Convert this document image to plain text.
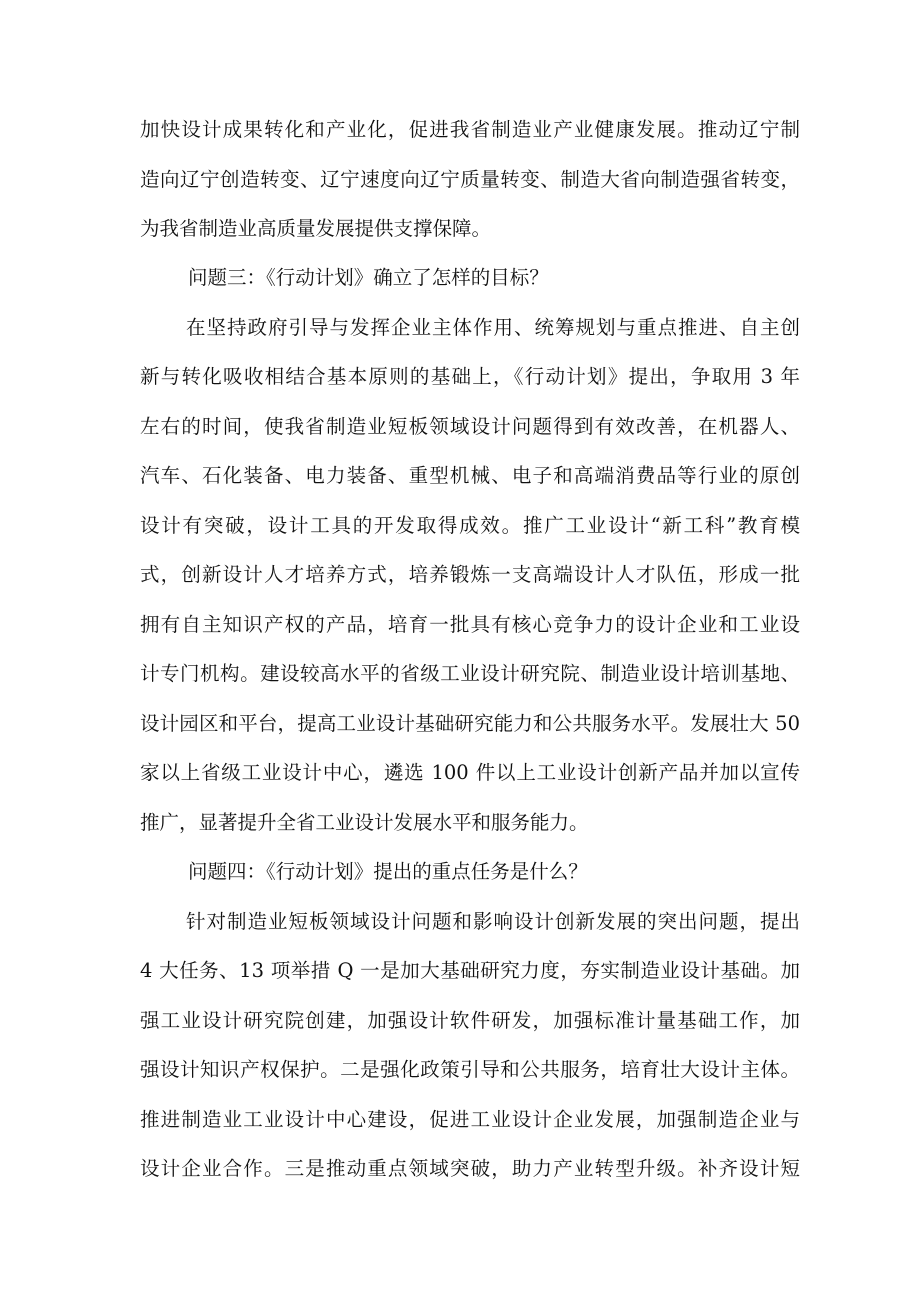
加快设计成果转化和产业化，促进我省制造业产业健康发展。推动辽宁制
造向辽宁创造转变、辽宁速度向辽宁质量转变、制造大省向制造强省转变，
为我省制造业高质量发展提供支撑保障。
问题三：《行动计划》确立了怎样的目标？
在坚持政府引导与发挥企业主体作用、统筹规划与重点推进、自主创
新与转化吸收相结合基本原则的基础上，《行动计划》提出，争取用 3 年
左右的时间，使我省制造业短板领域设计问题得到有效改善，在机器人、
汽车、石化装备、电力装备、重型机械、电子和高端消费品等行业的原创
设计有突破，设计工具的开发取得成效。推广工业设计“新工科”教育模
式，创新设计人才培养方式，培养锻炼一支高端设计人才队伍，形成一批
拥有自主知识产权的产品，培育一批具有核心竞争力的设计企业和工业设
计专门机构。建设较高水平的省级工业设计研究院、制造业设计培训基地、
设计园区和平台，提高工业设计基础研究能力和公共服务水平。发展壮大 50
家以上省级工业设计中心，遴选 100 件以上工业设计创新产品并加以宣传
推广，显著提升全省工业设计发展水平和服务能力。
问题四：《行动计划》提出的重点任务是什么？
针对制造业短板领域设计问题和影响设计创新发展的突出问题，提出
4 大任务、13 项举措 Q 一是加大基础研究力度，夯实制造业设计基础。加
强工业设计研究院创建，加强设计软件研发，加强标准计量基础工作，加
强设计知识产权保护。二是强化政策引导和公共服务，培育壮大设计主体。
推进制造业工业设计中心建设，促进工业设计企业发展，加强制造企业与
设计企业合作。三是推动重点领域突破，助力产业转型升级。补齐设计短
